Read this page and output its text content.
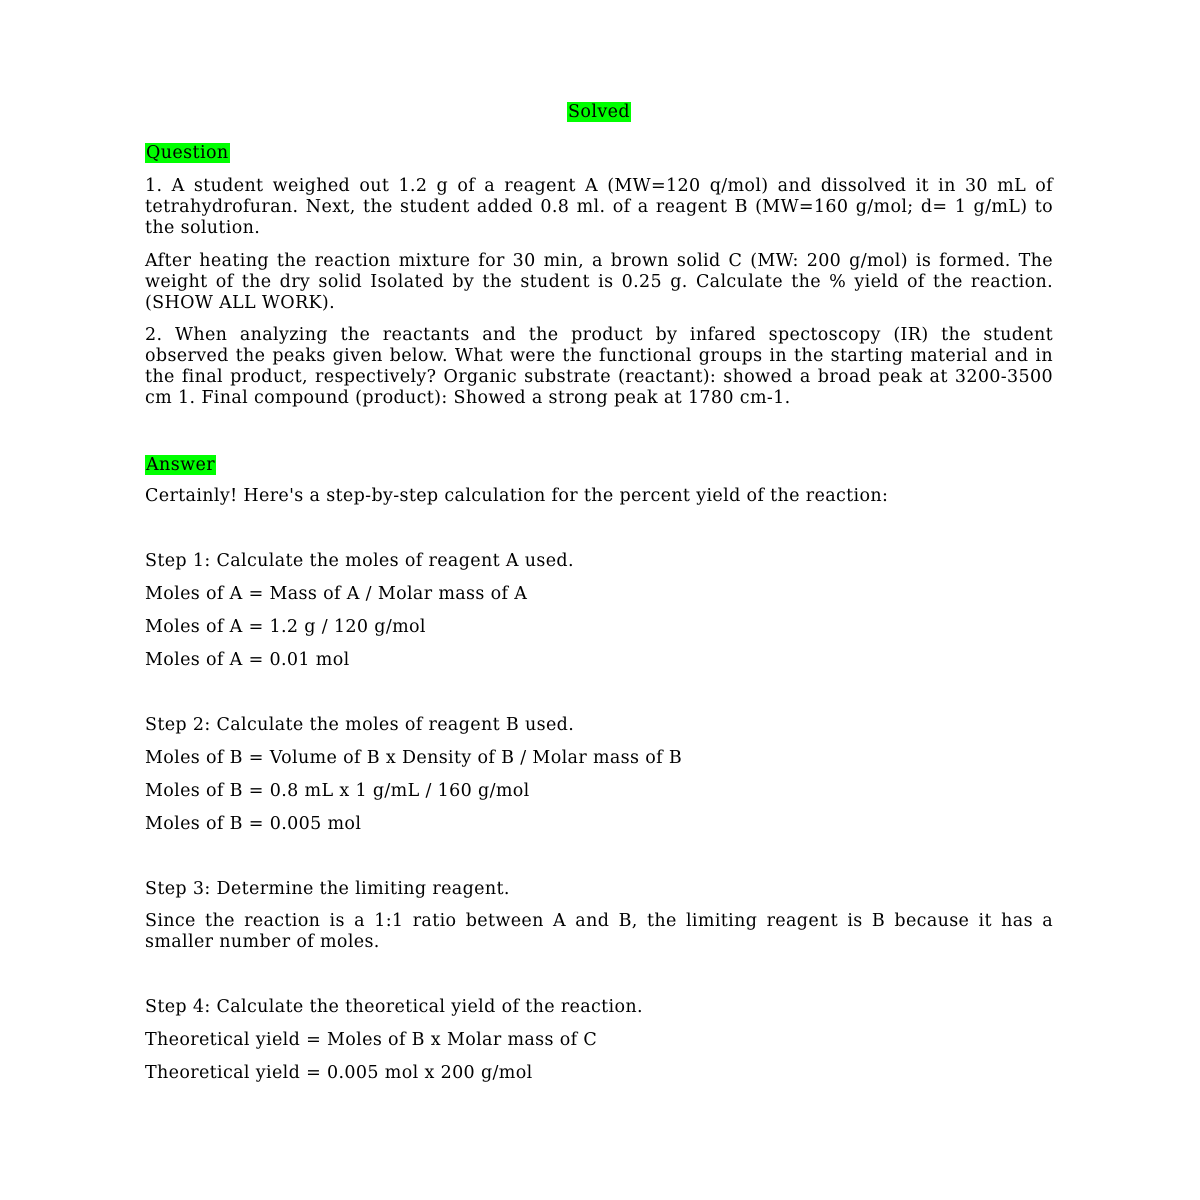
Solved
Question

1. A student weighed out 1.2 g of a reagent A (MW=120 q/mol) and dissolved it in 30 mL of tetrahydrofuran. Next, the student added 0.8 ml. of a reagent B (MW=160 g/mol; d= 1 g/mL) to the solution.

After heating the reaction mixture for 30 min, a brown solid C (MW: 200 g/mol) is formed. The weight of the dry solid Isolated by the student is 0.25 g. Calculate the % yield of the reaction. (SHOW ALL WORK).

2. When analyzing the reactants and the product by infared spectoscopy (IR) the student observed the peaks given below. What were the functional groups in the starting material and in the final product, respectively? Organic substrate (reactant): showed a broad peak at 3200-3500 cm 1. Final compound (product): Showed a strong peak at 1780 cm-1.

Answer

Certainly! Here's a step-by-step calculation for the percent yield of the reaction:

Step 1: Calculate the moles of reagent A used.

Moles of A = Mass of A / Molar mass of A

Moles of A = 1.2 g / 120 g/mol

Moles of A = 0.01 mol

Step 2: Calculate the moles of reagent B used.

Moles of B = Volume of B x Density of B / Molar mass of B

Moles of B = 0.8 mL x 1 g/mL / 160 g/mol

Moles of B = 0.005 mol

Step 3: Determine the limiting reagent.

Since the reaction is a 1:1 ratio between A and B, the limiting reagent is B because it has a smaller number of moles.

Step 4: Calculate the theoretical yield of the reaction.

Theoretical yield = Moles of B x Molar mass of C

Theoretical yield = 0.005 mol x 200 g/mol
